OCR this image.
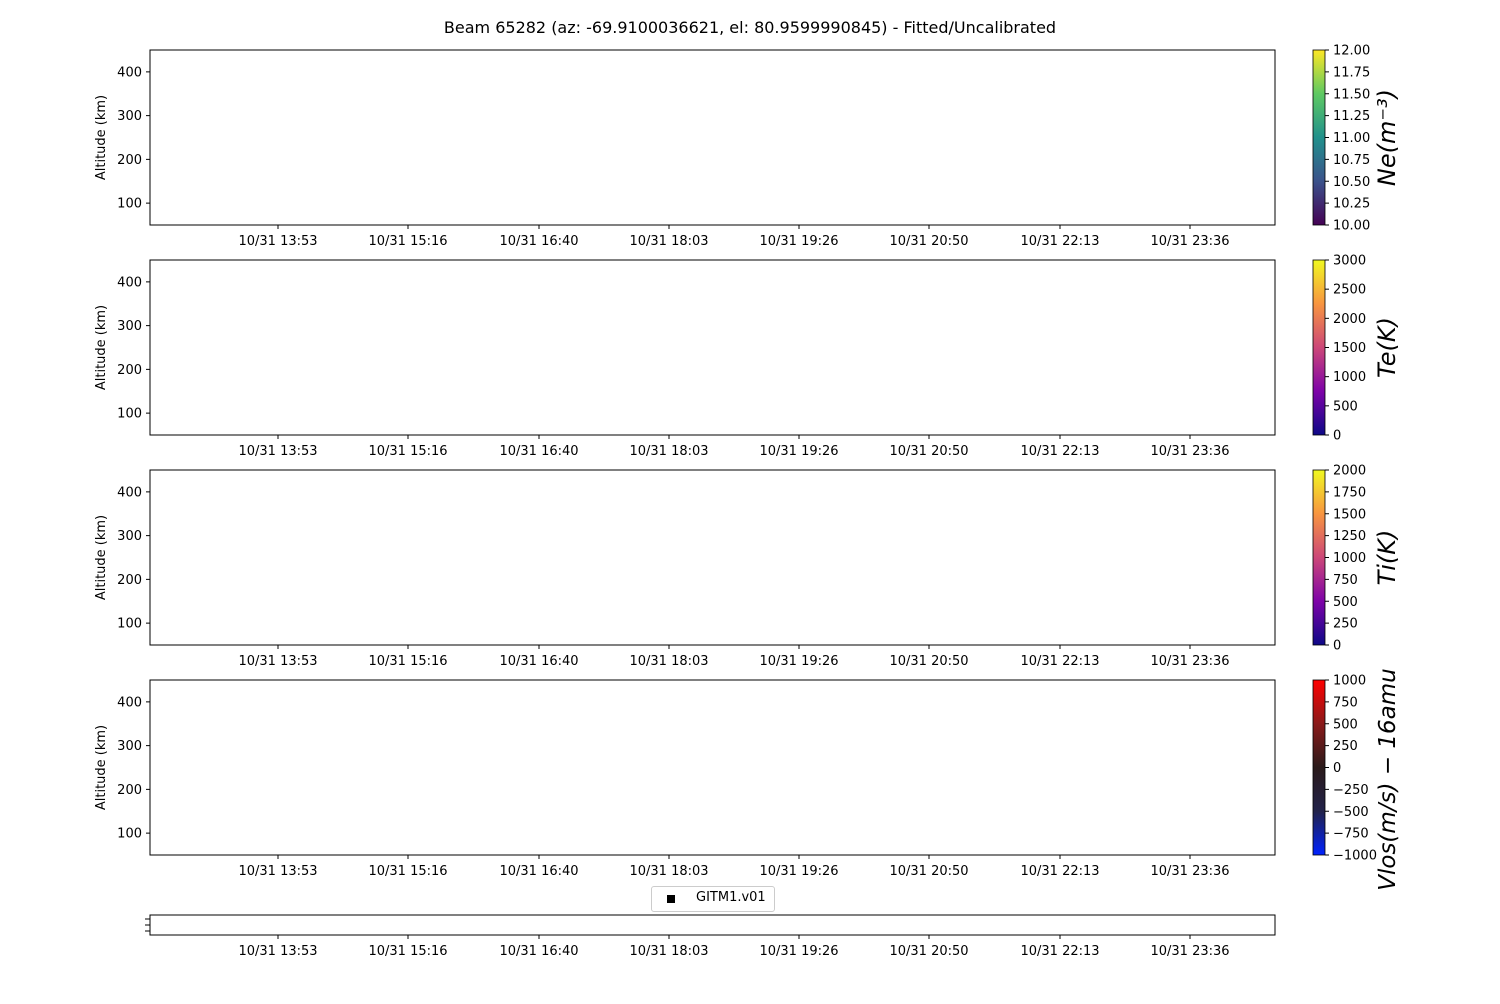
Beam 65282 (az: -69.9100036621, el: 80.9599990845) - Fitted/Uncalibrated
400
300
200
100
Altitude (km)
10/31 13:53	10/31 15:16	10/31 16:40	10/31 18:03	10/31 19:26	10/31 20:50	10/31 22:13	10/31 23:36
12.00
11.75
11.50
11.25
11.00
10.75
10.50
10.25
10.00
Ne(m⁻³)
400
300
200
100
Altitude (km)
10/31 13:53	10/31 15:16	10/31 16:40	10/31 18:03	10/31 19:26	10/31 20:50	10/31 22:13	10/31 23:36
3000
2500
2000
1500
1000
500
0
Te(K)
400
300
200
100
Altitude (km)
10/31 13:53	10/31 15:16	10/31 16:40	10/31 18:03	10/31 19:26	10/31 20:50	10/31 22:13	10/31 23:36
2000
1750
1500
1250
1000
750
500
250
0
Ti(K)
400
300
200
100
Altitude (km)
10/31 13:53	10/31 15:16	10/31 16:40	10/31 18:03	10/31 19:26	10/31 20:50	10/31 22:13	10/31 23:36
1000
750
500
250
0
−250
−500
−750
−1000
Vlos(m/s) − 16amu
10/31 13:53	10/31 15:16	10/31 16:40	10/31 18:03	10/31 19:26	10/31 20:50	10/31 22:13	10/31 23:36
GITM1.v01
